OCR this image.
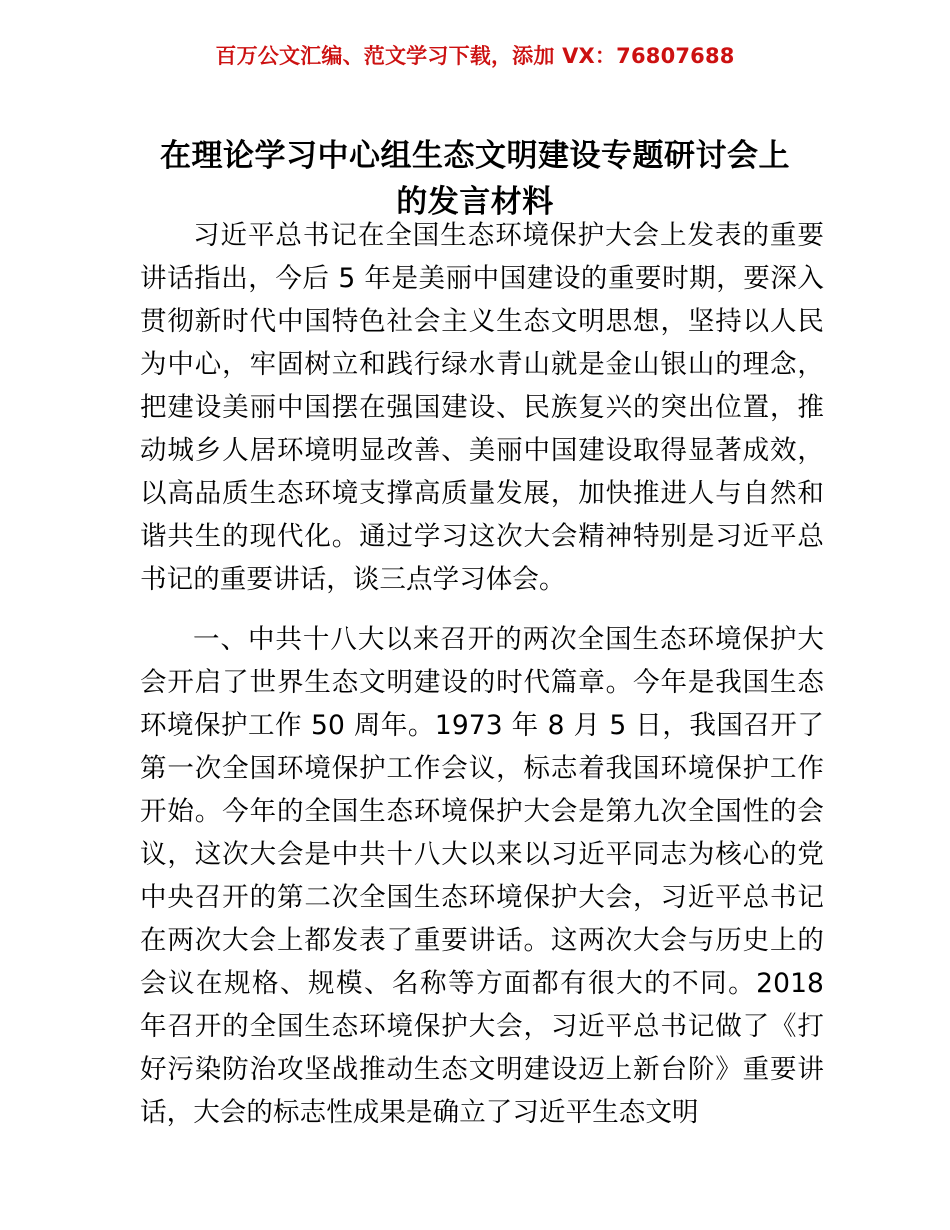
百万公文汇编、范文学习下载，添加 VX：76807688
在理论学习中心组生态文明建设专题研讨会上的发言材料

习近平总书记在全国生态环境保护大会上发表的重要讲话指出，今后 5 年是美丽中国建设的重要时期，要深入贯彻新时代中国特色社会主义生态文明思想，坚持以人民为中心，牢固树立和践行绿水青山就是金山银山的理念，把建设美丽中国摆在强国建设、民族复兴的突出位置，推动城乡人居环境明显改善、美丽中国建设取得显著成效，以高品质生态环境支撑高质量发展，加快推进人与自然和谐共生的现代化。通过学习这次大会精神特别是习近平总书记的重要讲话，谈三点学习体会。

一、中共十八大以来召开的两次全国生态环境保护大会开启了世界生态文明建设的时代篇章。今年是我国生态环境保护工作 50 周年。1973 年 8 月 5 日，我国召开了第一次全国环境保护工作会议，标志着我国环境保护工作开始。今年的全国生态环境保护大会是第九次全国性的会议，这次大会是中共十八大以来以习近平同志为核心的党中央召开的第二次全国生态环境保护大会，习近平总书记在两次大会上都发表了重要讲话。这两次大会与历史上的会议在规格、规模、名称等方面都有很大的不同。2018 年召开的全国生态环境保护大会，习近平总书记做了《打好污染防治攻坚战推动生态文明建设迈上新台阶》重要讲话，大会的标志性成果是确立了习近平生态文明
